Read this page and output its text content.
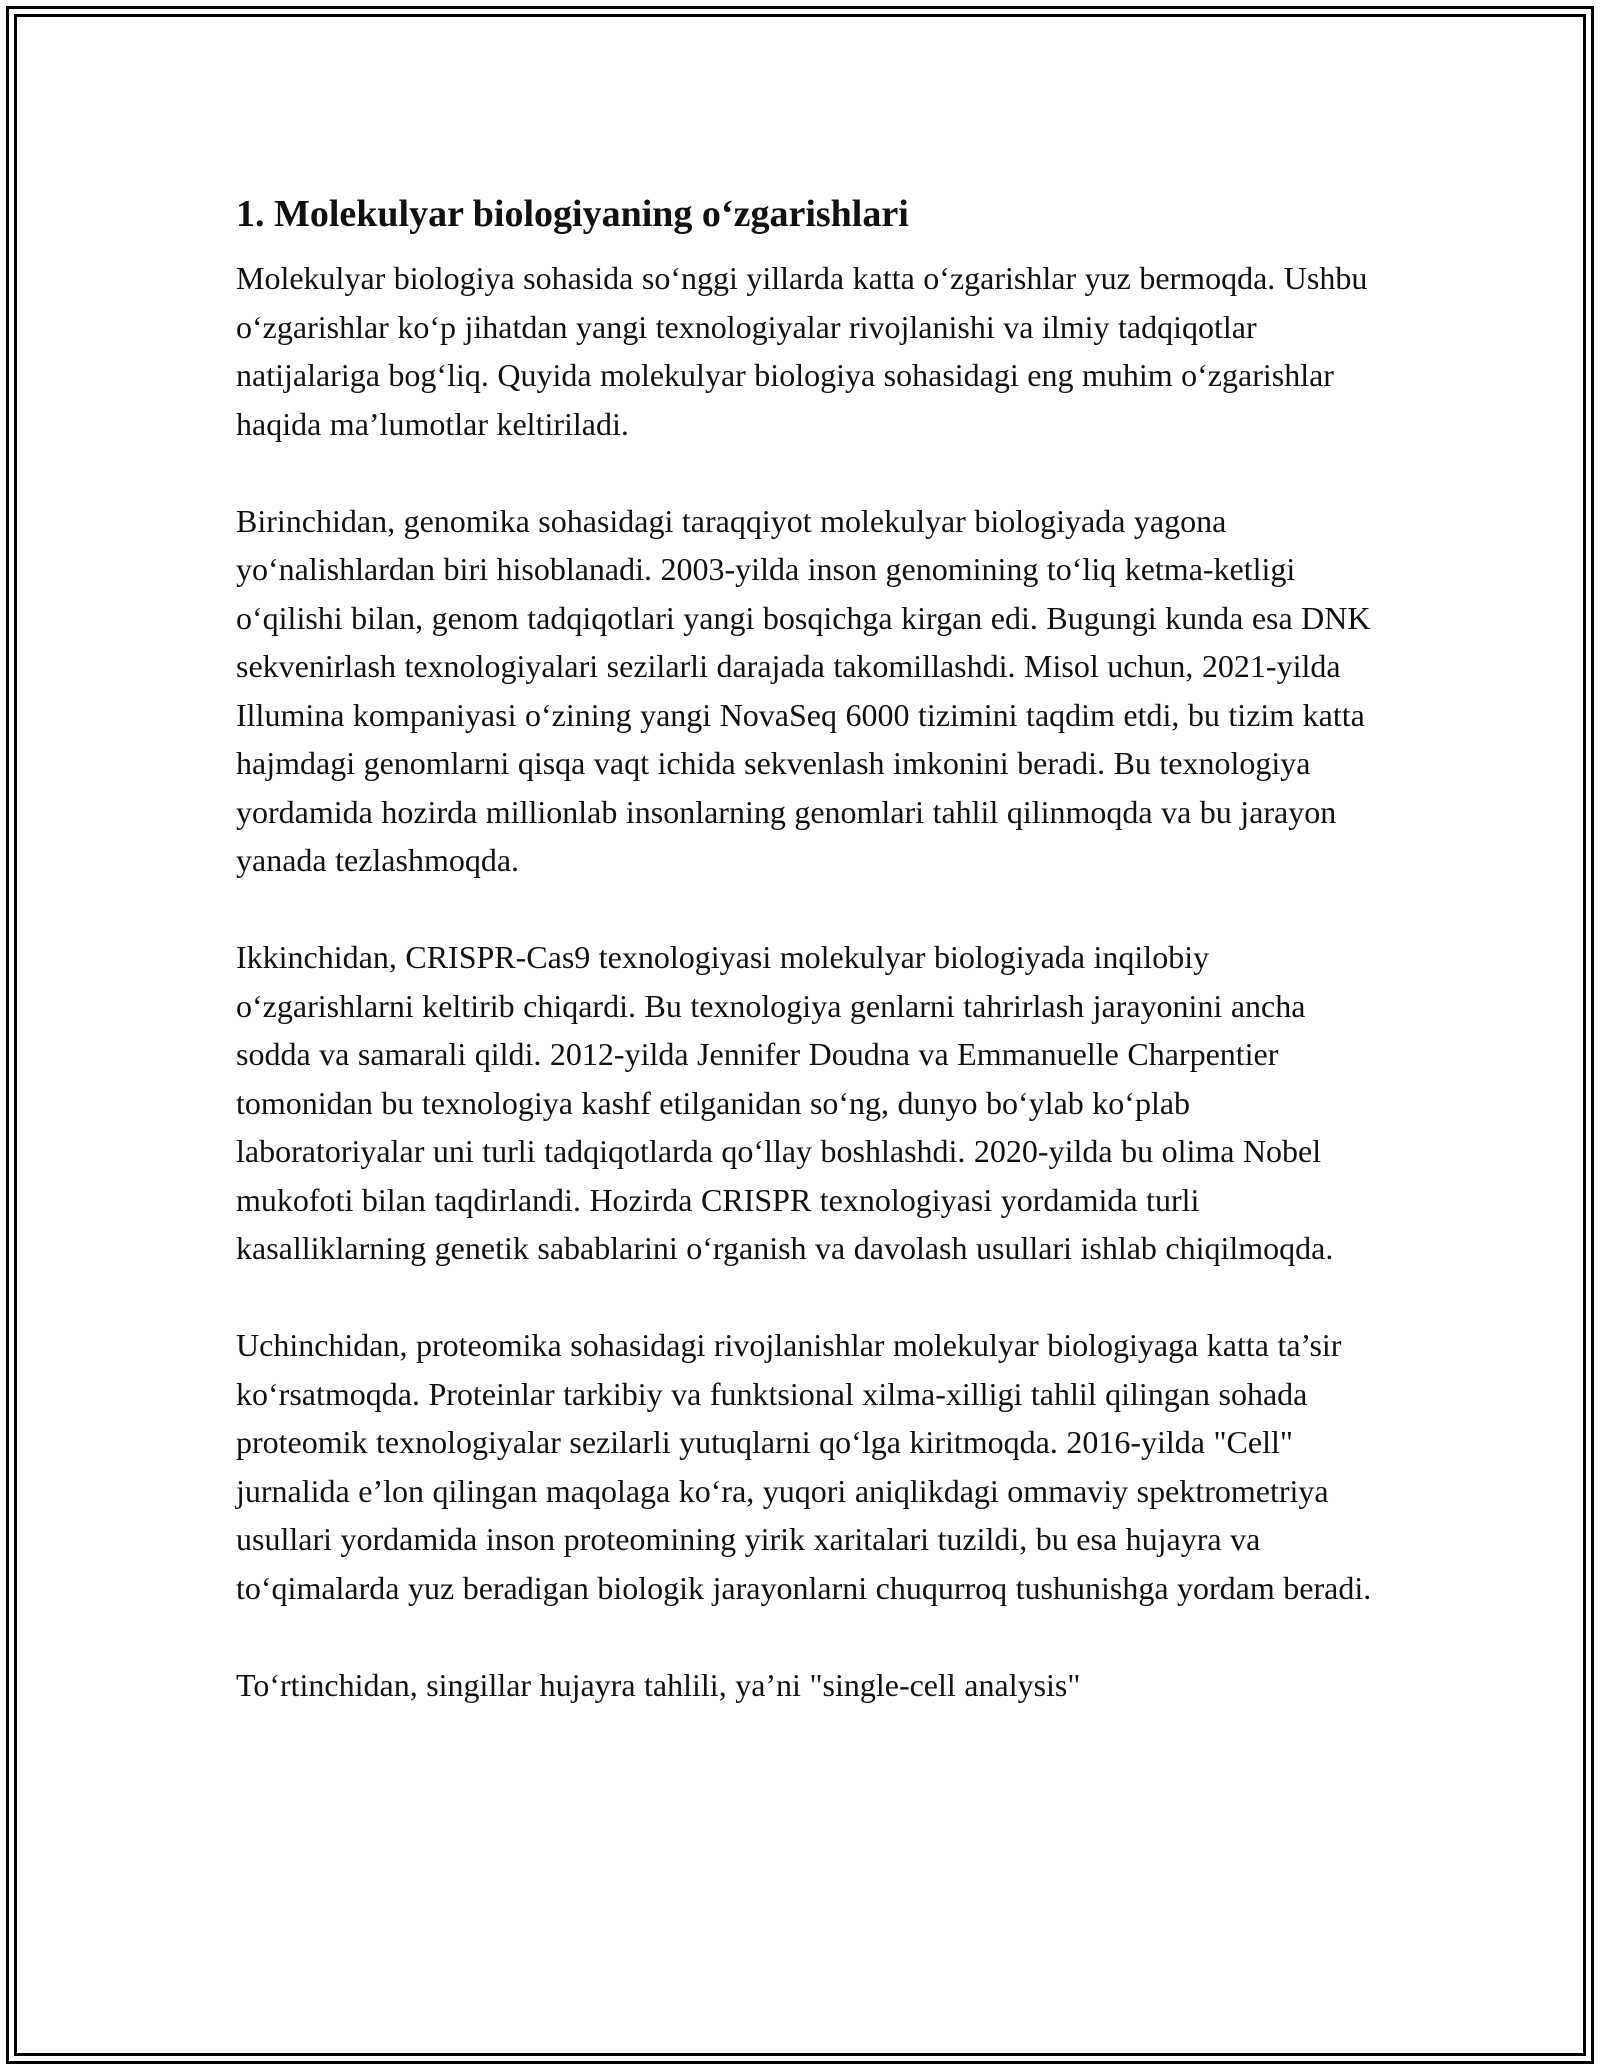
1. Molekulyar biologiyaning o‘zgarishlari

Molekulyar biologiya sohasida so‘nggi yillarda katta o‘zgarishlar yuz bermoqda. Ushbu o‘zgarishlar ko‘p jihatdan yangi texnologiyalar rivojlanishi va ilmiy tadqiqotlar natijalariga bog‘liq. Quyida molekulyar biologiya sohasidagi eng muhim o‘zgarishlar haqida ma’lumotlar keltiriladi.

Birinchidan, genomika sohasidagi taraqqiyot molekulyar biologiyada yagona yo‘nalishlardan biri hisoblanadi. 2003-yilda inson genomining to‘liq ketma-ketligi o‘qilishi bilan, genom tadqiqotlari yangi bosqichga kirgan edi. Bugungi kunda esa DNK sekvenirlash texnologiyalari sezilarli darajada takomillashdi. Misol uchun, 2021-yilda Illumina kompaniyasi o‘zining yangi NovaSeq 6000 tizimini taqdim etdi, bu tizim katta hajmdagi genomlarni qisqa vaqt ichida sekvenlash imkonini beradi. Bu texnologiya yordamida hozirda millionlab insonlarning genomlari tahlil qilinmoqda va bu jarayon yanada tezlashmoqda.

Ikkinchidan, CRISPR-Cas9 texnologiyasi molekulyar biologiyada inqilobiy o‘zgarishlarni keltirib chiqardi. Bu texnologiya genlarni tahrirlash jarayonini ancha sodda va samarali qildi. 2012-yilda Jennifer Doudna va Emmanuelle Charpentier tomonidan bu texnologiya kashf etilganidan so‘ng, dunyo bo‘ylab ko‘plab laboratoriyalar uni turli tadqiqotlarda qo‘llay boshlashdi. 2020-yilda bu olima Nobel mukofoti bilan taqdirlandi. Hozirda CRISPR texnologiyasi yordamida turli kasalliklarning genetik sabablarini o‘rganish va davolash usullari ishlab chiqilmoqda.

Uchinchidan, proteomika sohasidagi rivojlanishlar molekulyar biologiyaga katta ta’sir ko‘rsatmoqda. Proteinlar tarkibiy va funktsional xilma-xilligi tahlil qilingan sohada proteomik texnologiyalar sezilarli yutuqlarni qo‘lga kiritmoqda. 2016-yilda "Cell" jurnalida e’lon qilingan maqolaga ko‘ra, yuqori aniqlikdagi ommaviy spektrometriya usullari yordamida inson proteomining yirik xaritalari tuzildi, bu esa hujayra va to‘qimalarda yuz beradigan biologik jarayonlarni chuqurroq tushunishga yordam beradi.

To‘rtinchidan, singillar hujayra tahlili, ya’ni "single-cell analysis"
